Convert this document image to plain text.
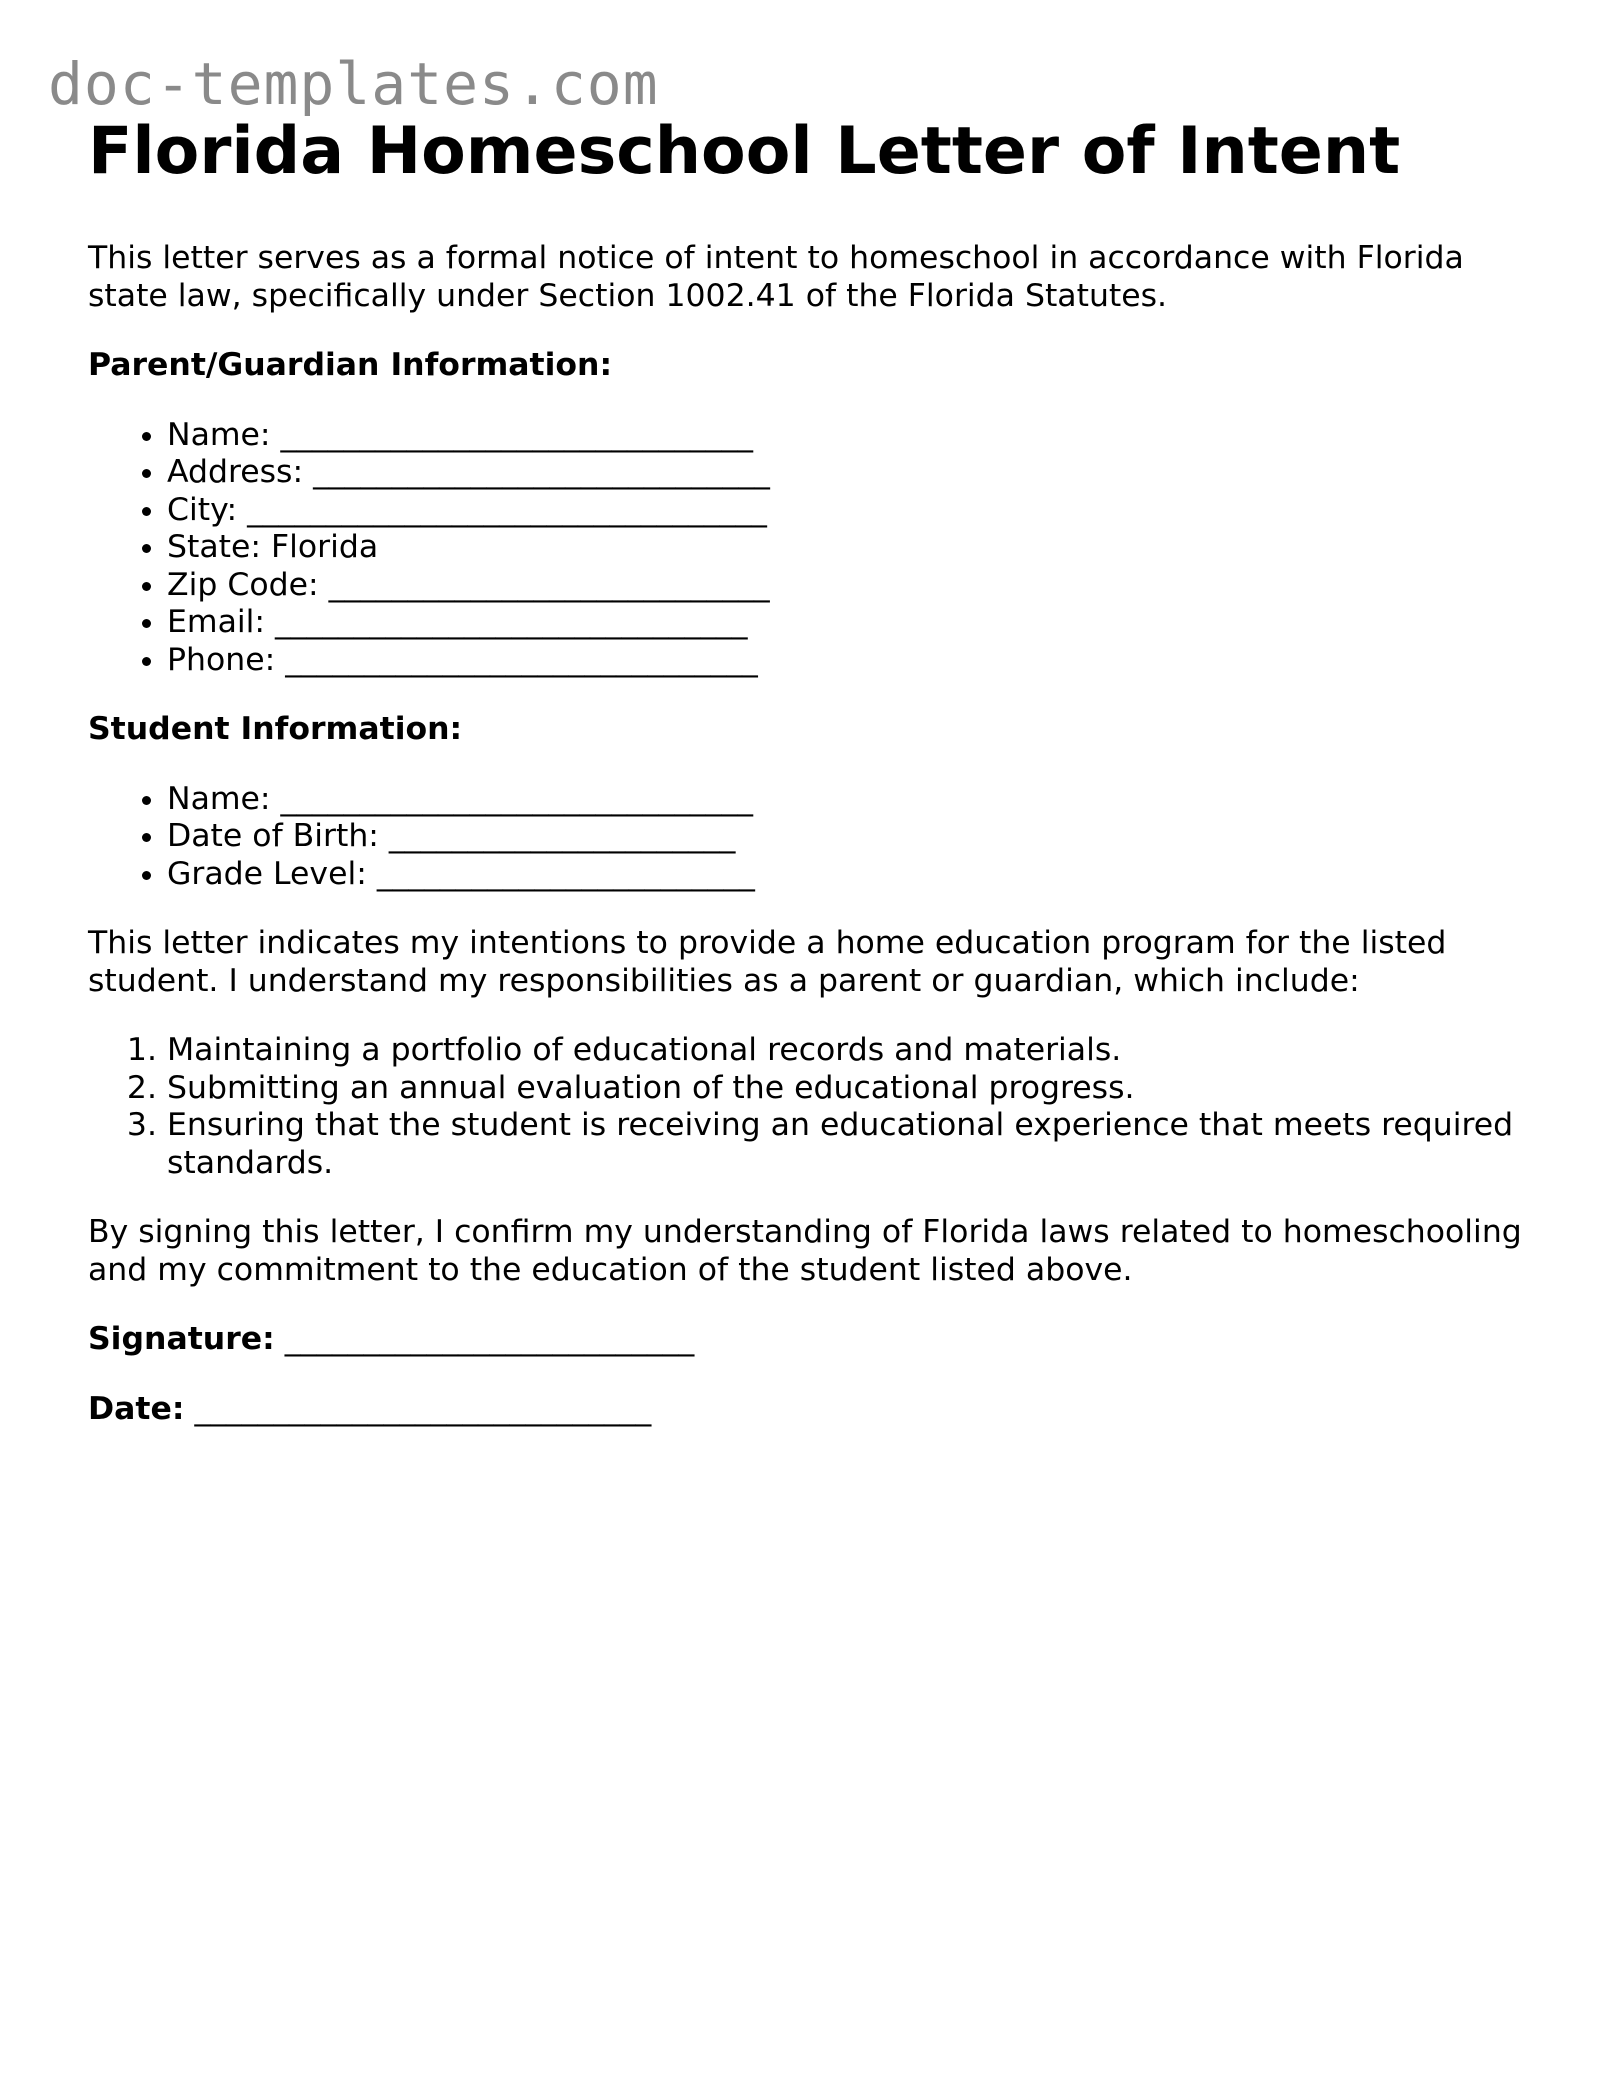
doc-templates.com
Florida Homeschool Letter of Intent

This letter serves as a formal notice of intent to homeschool in accordance with Florida state law, specifically under Section 1002.41 of the Florida Statutes.

Parent/Guardian Information:
• Name: ______________________________
• Address: _____________________________
• City: _________________________________
• State: Florida
• Zip Code: ____________________________
• Email: ______________________________
• Phone: ______________________________
Student Information:
• Name: ______________________________
• Date of Birth: ______________________
• Grade Level: ________________________

This letter indicates my intentions to provide a home education program for the listed student. I understand my responsibilities as a parent or guardian, which include:

1. Maintaining a portfolio of educational records and materials.
2. Submitting an annual evaluation of the educational progress.
3. Ensuring that the student is receiving an educational experience that meets required standards.

By signing this letter, I confirm my understanding of Florida laws related to homeschooling and my commitment to the education of the student listed above.

Signature: __________________________

Date: _____________________________
